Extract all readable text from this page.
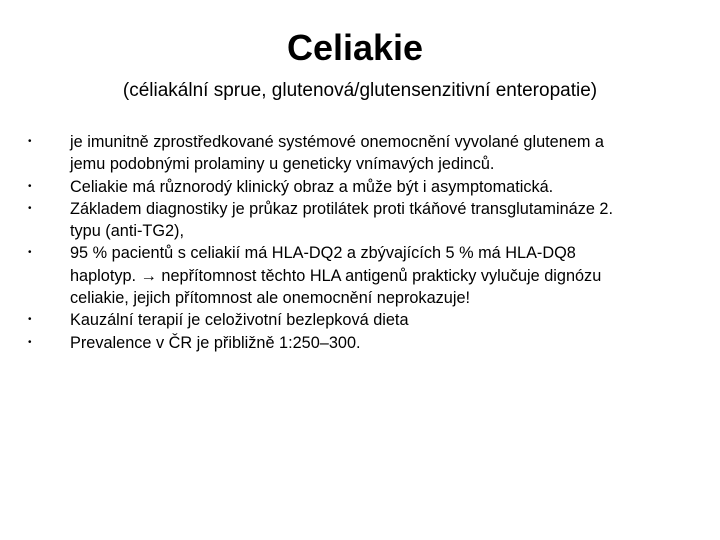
Celiakie
(céliakální sprue, glutenová/glutensenzitivní enteropatie)
•	je imunitně zprostředkované systémové onemocnění vyvolané glutenem a
jemu podobnými prolaminy u geneticky vnímavých jedinců.
•	Celiakie má různorodý klinický obraz a může být i asymptomatická.
•	Základem diagnostiky je průkaz protilátek proti tkáňové transglutamináze 2.
typu (anti-TG2),
•	95 % pacientů s celiakií má HLA-DQ2 a zbývajících 5 % má HLA-DQ8
haplotyp. → nepřítomnost těchto HLA antigenů prakticky vylučuje dignózu
celiakie, jejich přítomnost ale onemocnění neprokazuje!
•	Kauzální terapií je celoživotní bezlepková dieta
•	Prevalence v ČR je přibližně 1:250–300.
